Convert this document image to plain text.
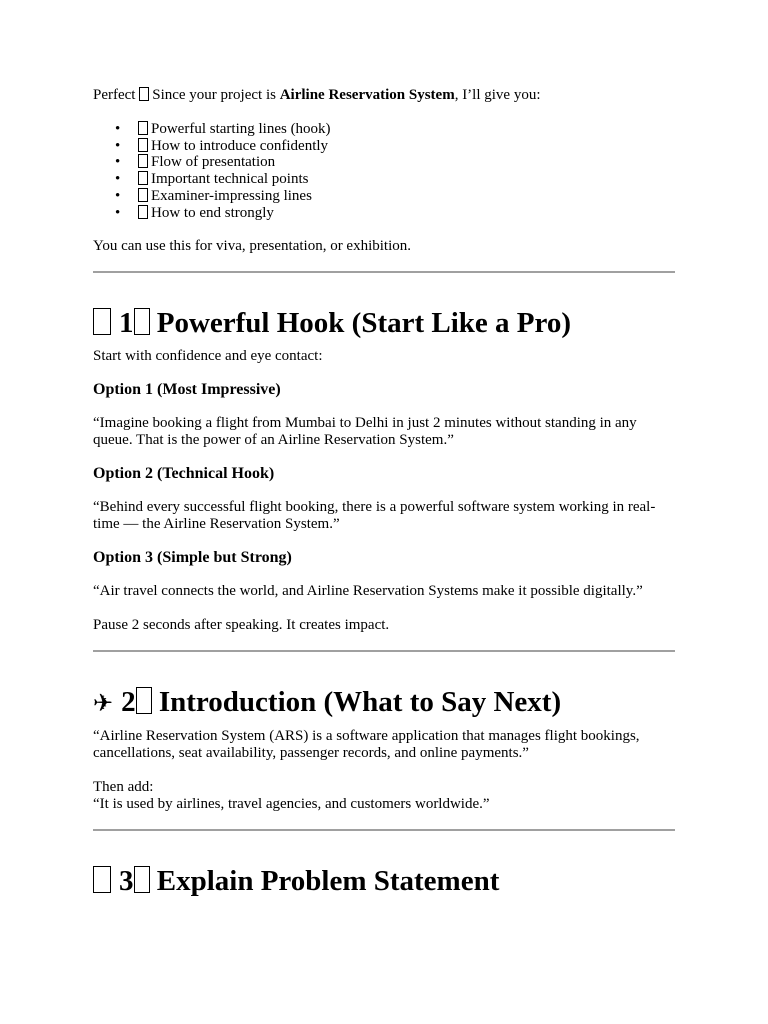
Perfect Since your project is Airline Reservation System, I’ll give you:

• Powerful starting lines (hook)
• How to introduce confidently
• Flow of presentation
• Important technical points
• Examiner-impressing lines
• How to end strongly

You can use this for viva, presentation, or exhibition.

1 Powerful Hook (Start Like a Pro)

Start with confidence and eye contact:

Option 1 (Most Impressive)

“Imagine booking a flight from Mumbai to Delhi in just 2 minutes without standing in any queue. That is the power of an Airline Reservation System.”

Option 2 (Technical Hook)

“Behind every successful flight booking, there is a powerful software system working in real-time — the Airline Reservation System.”

Option 3 (Simple but Strong)

“Air travel connects the world, and Airline Reservation Systems make it possible digitally.”

Pause 2 seconds after speaking. It creates impact.

✈ 2 Introduction (What to Say Next)

“Airline Reservation System (ARS) is a software application that manages flight bookings, cancellations, seat availability, passenger records, and online payments.”

Then add:

“It is used by airlines, travel agencies, and customers worldwide.”

3 Explain Problem Statement
